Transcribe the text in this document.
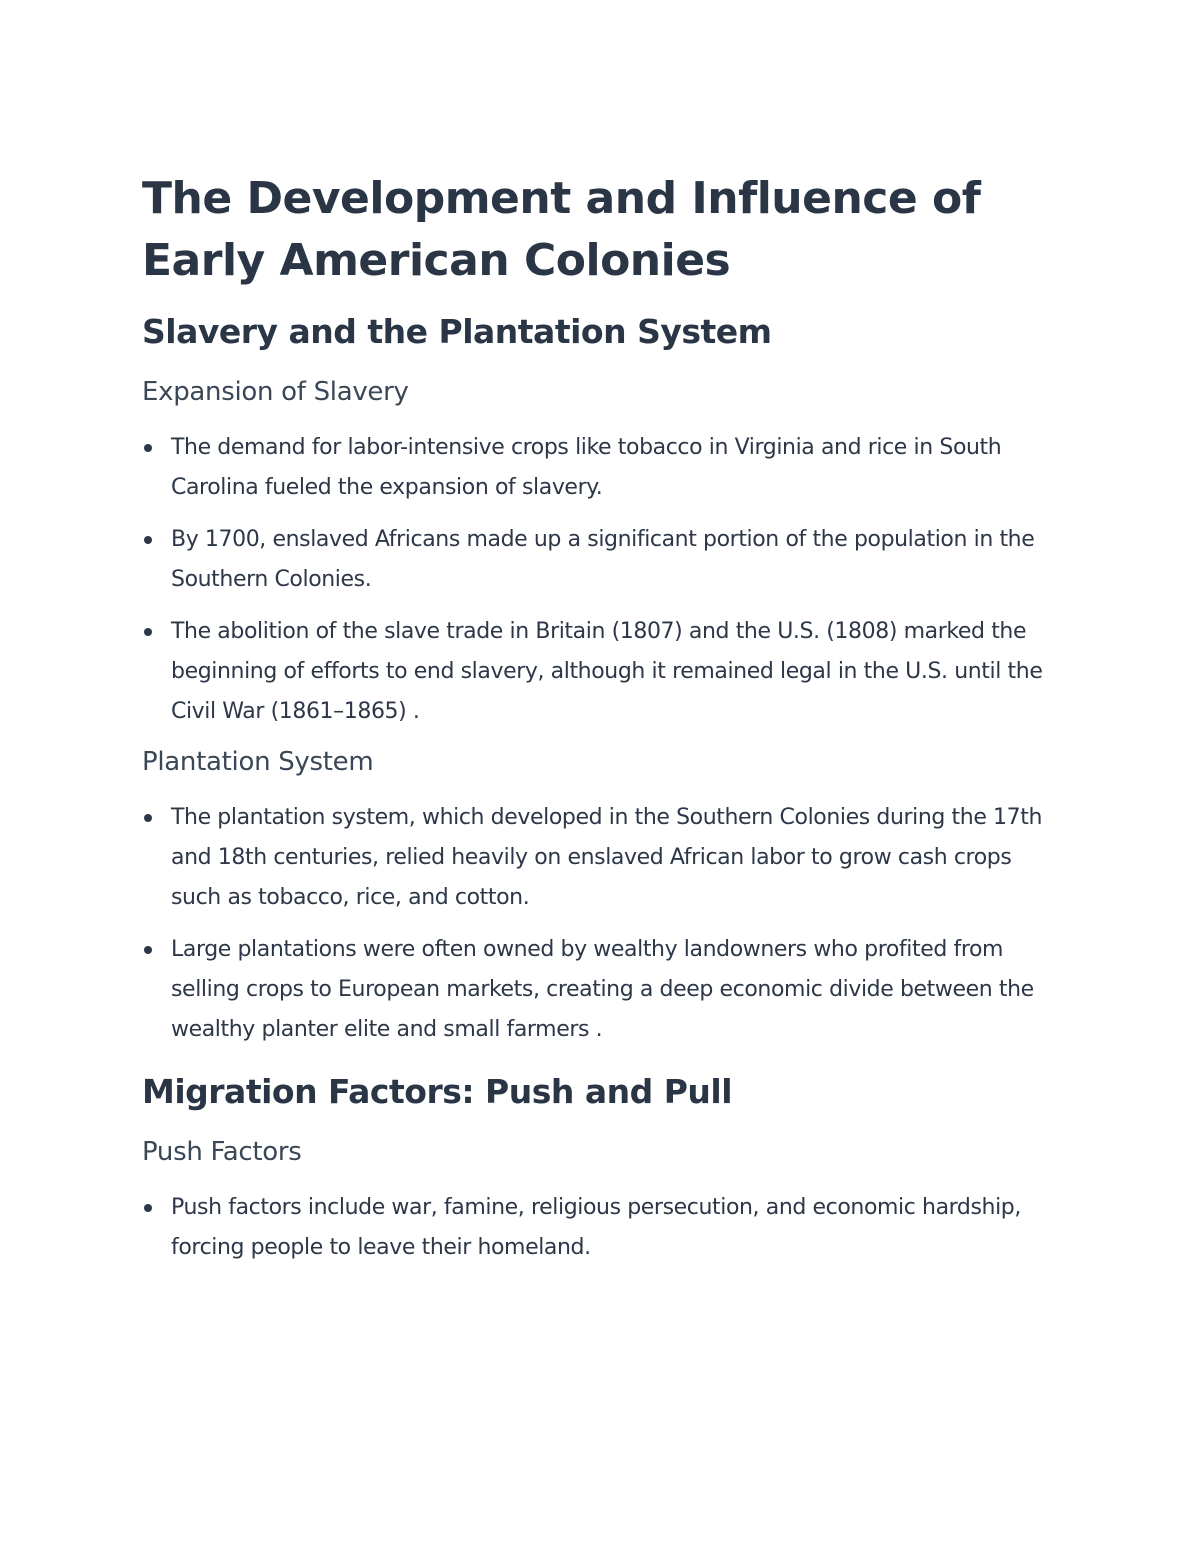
The Development and Influence of Early American Colonies
Slavery and the Plantation System
Expansion of Slavery
The demand for labor-intensive crops like tobacco in Virginia and rice in South Carolina fueled the expansion of slavery.
By 1700, enslaved Africans made up a significant portion of the population in the Southern Colonies.
The abolition of the slave trade in Britain (1807) and the U.S. (1808) marked the beginning of efforts to end slavery, although it remained legal in the U.S. until the Civil War (1861–1865) .
Plantation System
The plantation system, which developed in the Southern Colonies during the 17th and 18th centuries, relied heavily on enslaved African labor to grow cash crops such as tobacco, rice, and cotton.
Large plantations were often owned by wealthy landowners who profited from selling crops to European markets, creating a deep economic divide between the wealthy planter elite and small farmers .
Migration Factors: Push and Pull
Push Factors
Push factors include war, famine, religious persecution, and economic hardship, forcing people to leave their homeland.
